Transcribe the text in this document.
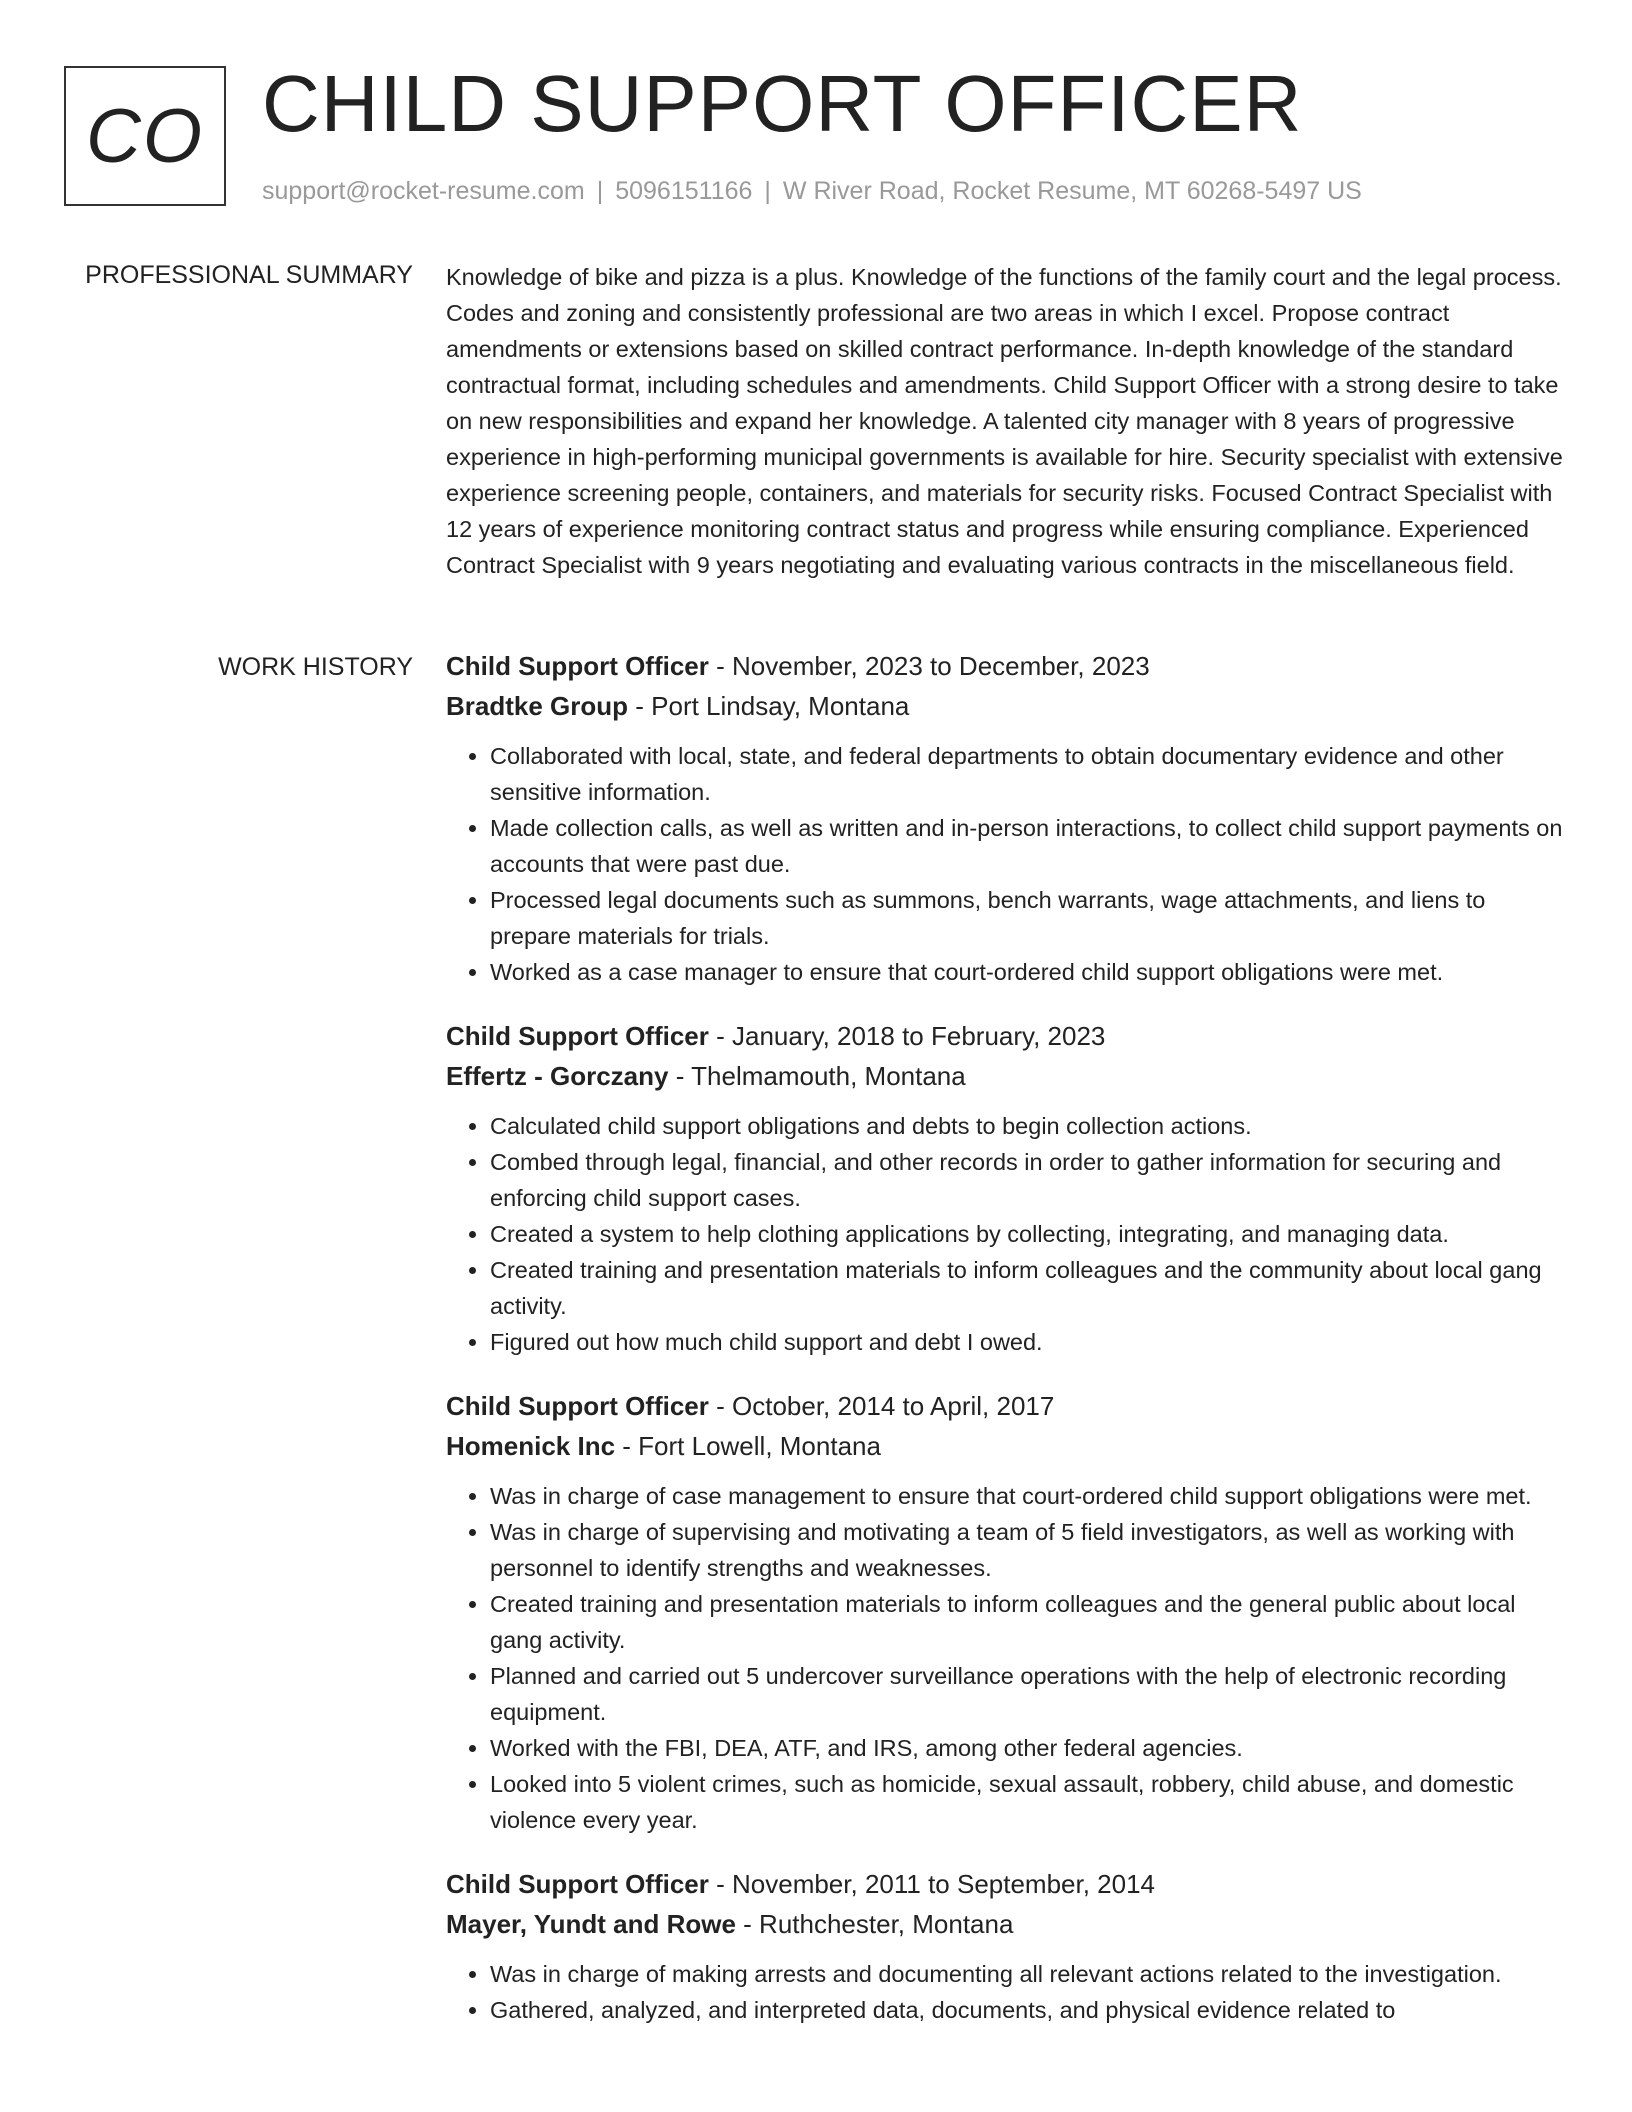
CO CHILD SUPPORT OFFICER
support@rocket-resume.com | 5096151166 | W River Road, Rocket Resume, MT 60268-5497 US
PROFESSIONAL SUMMARY Knowledge of bike and pizza is a plus. Knowledge of the functions of the family court and the legal process. Codes and zoning and consistently professional are two areas in which I excel. Propose contract amendments or extensions based on skilled contract performance. In-depth knowledge of the standard contractual format, including schedules and amendments. Child Support Officer with a strong desire to take on new responsibilities and expand her knowledge. A talented city manager with 8 years of progressive experience in high-performing municipal governments is available for hire. Security specialist with extensive experience screening people, containers, and materials for security risks. Focused Contract Specialist with 12 years of experience monitoring contract status and progress while ensuring compliance. Experienced Contract Specialist with 9 years negotiating and evaluating various contracts in the miscellaneous field.

WORK HISTORY Child Support Officer - November, 2023 to December, 2023
Bradtke Group - Port Lindsay, Montana
• Collaborated with local, state, and federal departments to obtain documentary evidence and other sensitive information.
• Made collection calls, as well as written and in-person interactions, to collect child support payments on accounts that were past due.
• Processed legal documents such as summons, bench warrants, wage attachments, and liens to prepare materials for trials.
• Worked as a case manager to ensure that court-ordered child support obligations were met.
Child Support Officer - January, 2018 to February, 2023
Effertz - Gorczany - Thelmamouth, Montana
• Calculated child support obligations and debts to begin collection actions.
• Combed through legal, financial, and other records in order to gather information for securing and enforcing child support cases.
• Created a system to help clothing applications by collecting, integrating, and managing data.
• Created training and presentation materials to inform colleagues and the community about local gang activity.
• Figured out how much child support and debt I owed.
Child Support Officer - October, 2014 to April, 2017
Homenick Inc - Fort Lowell, Montana
• Was in charge of case management to ensure that court-ordered child support obligations were met.
• Was in charge of supervising and motivating a team of 5 field investigators, as well as working with personnel to identify strengths and weaknesses.
• Created training and presentation materials to inform colleagues and the general public about local gang activity.
• Planned and carried out 5 undercover surveillance operations with the help of electronic recording equipment.
• Worked with the FBI, DEA, ATF, and IRS, among other federal agencies.
• Looked into 5 violent crimes, such as homicide, sexual assault, robbery, child abuse, and domestic violence every year.
Child Support Officer - November, 2011 to September, 2014
Mayer, Yundt and Rowe - Ruthchester, Montana
• Was in charge of making arrests and documenting all relevant actions related to the investigation.
• Gathered, analyzed, and interpreted data, documents, and physical evidence related to
